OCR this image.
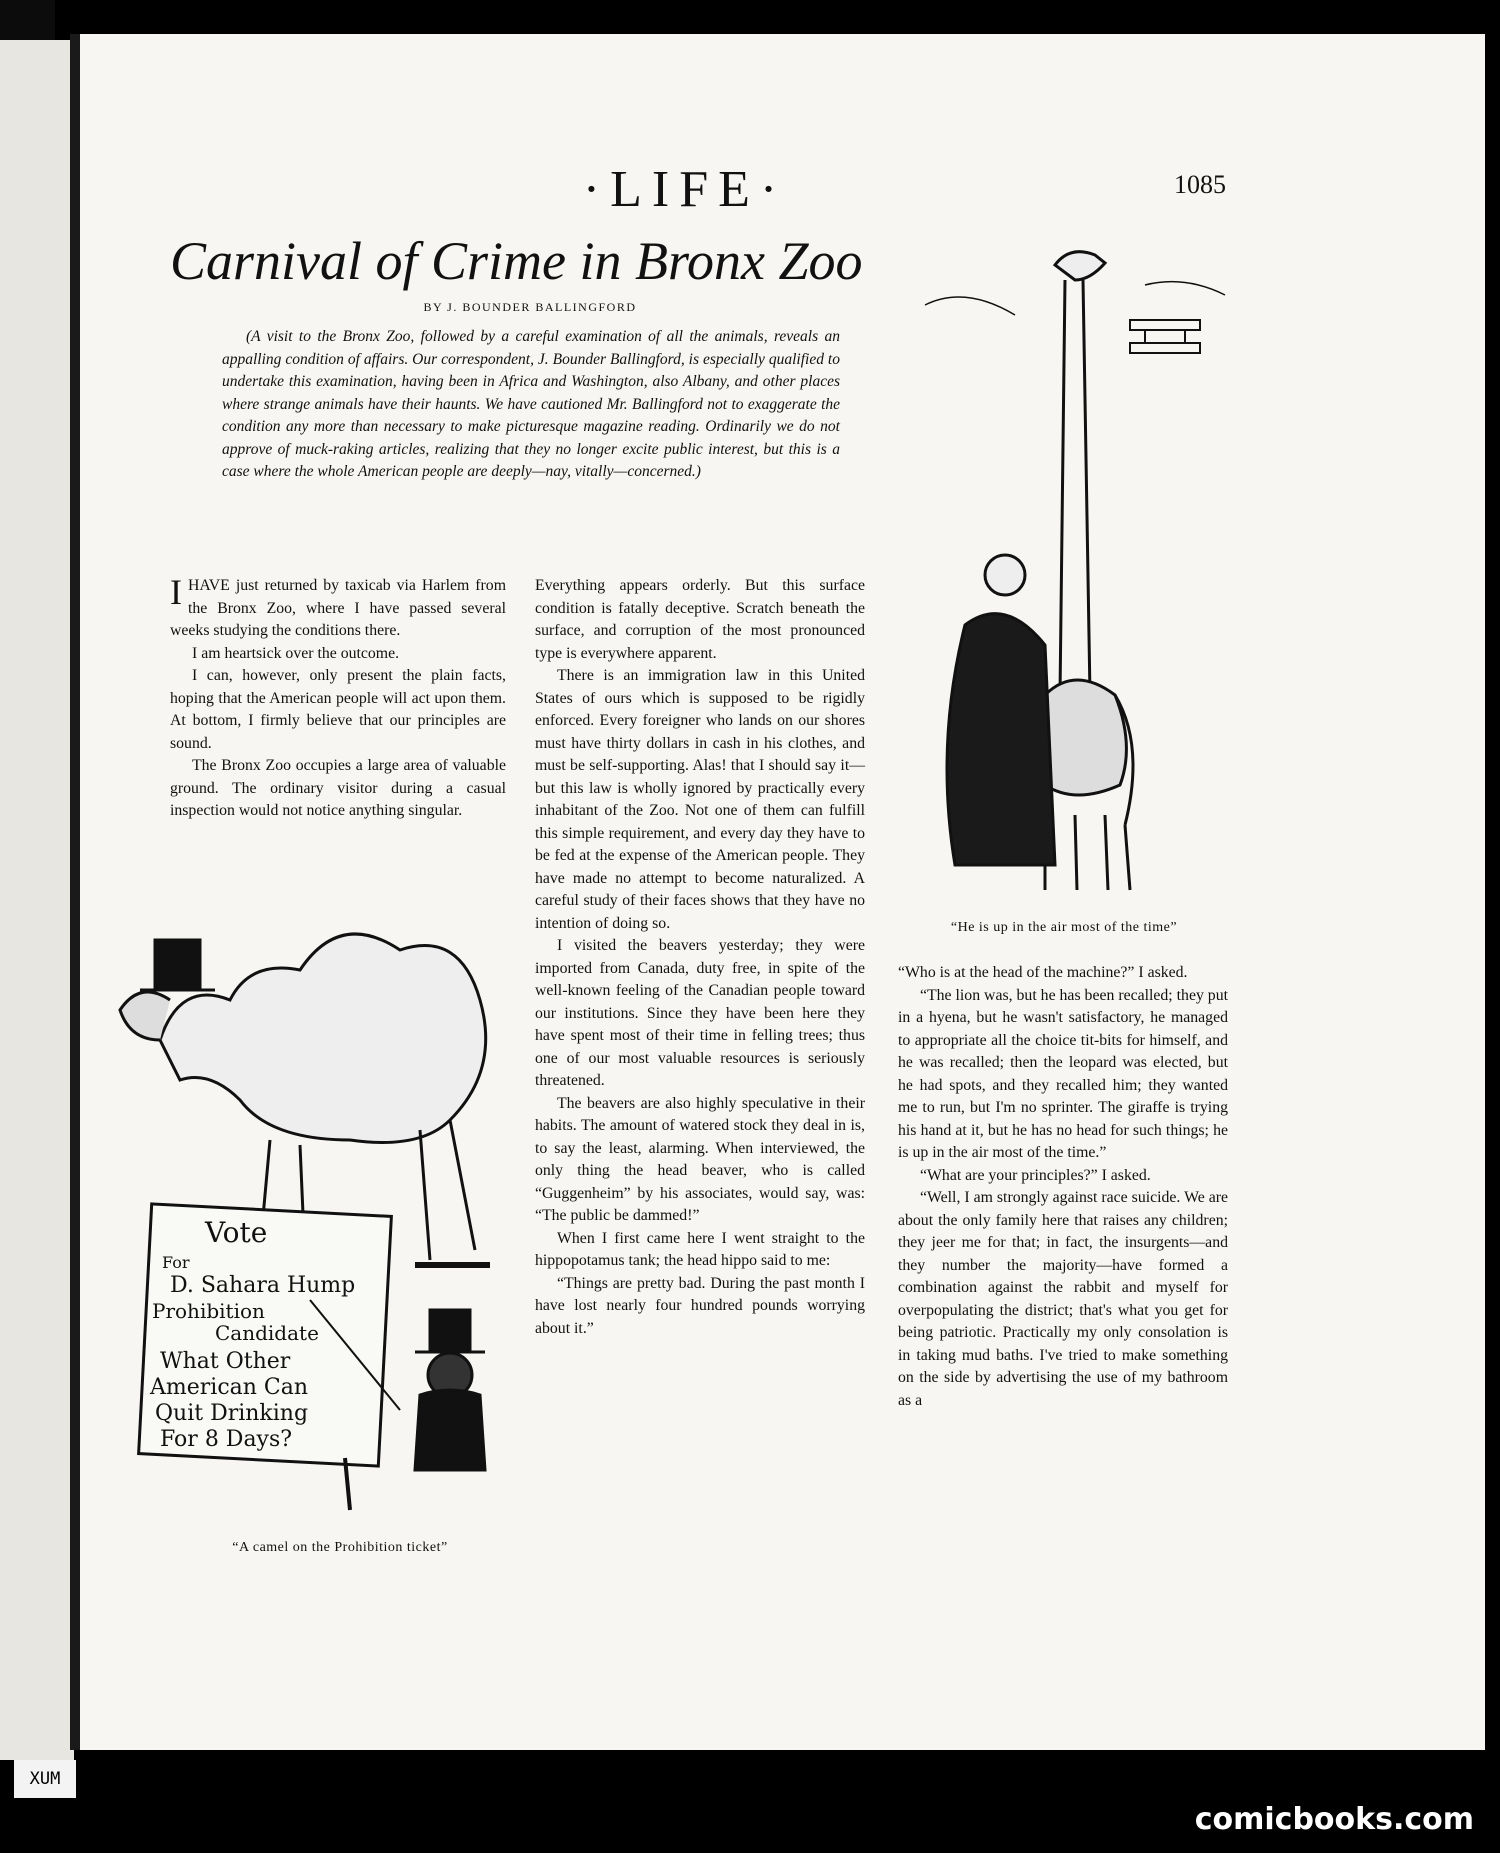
·LIFE·	1085
Carnival of Crime in Bronx Zoo
BY J. BOUNDER BALLINGFORD
(A visit to the Bronx Zoo, followed by a careful examination of all the animals, reveals an appalling condition of affairs. Our correspondent, J. Bounder Ballingford, is especially qualified to undertake this examination, having been in Africa and Washington, also Albany, and other places where strange animals have their haunts. We have cautioned Mr. Ballingford not to exaggerate the condition any more than necessary to make picturesque magazine reading. Ordinarily we do not approve of muck-raking articles, realizing that they no longer excite public interest, but this is a case where the whole American people are deeply—nay, vitally—concerned.)

IHAVE just returned by taxicab via Harlem from the Bronx Zoo, where I have passed several weeks studying the conditions there.

I am heartsick over the outcome.

I can, however, only present the plain facts, hoping that the American people will act upon them. At bottom, I firmly believe that our principles are sound.

The Bronx Zoo occupies a large area of valuable ground. The ordinary visitor during a casual inspection would not notice anything singular.

Everything appears orderly. But this surface condition is fatally deceptive. Scratch beneath the surface, and corruption of the most pronounced type is everywhere apparent.

There is an immigration law in this United States of ours which is supposed to be rigidly enforced. Every foreigner who lands on our shores must have thirty dollars in cash in his clothes, and must be self-supporting. Alas! that I should say it—but this law is wholly ignored by practically every inhabitant of the Zoo. Not one of them can fulfill this simple requirement, and every day they have to be fed at the expense of the American people. They have made no attempt to become naturalized. A careful study of their faces shows that they have no intention of doing so.

I visited the beavers yesterday; they were imported from Canada, duty free, in spite of the well-known feeling of the Canadian people toward our institutions. Since they have been here they have spent most of their time in felling trees; thus one of our most valuable resources is seriously threatened.

The beavers are also highly speculative in their habits. The amount of watered stock they deal in is, to say the least, alarming. When interviewed, the only thing the head beaver, who is called “Guggenheim” by his associates, would say, was: “The public be dammed!”

When I first came here I went straight to the hippopotamus tank; the head hippo said to me:

“Things are pretty bad. During the past month I have lost nearly four hundred pounds worrying about it.”

“Who is at the head of the machine?” I asked.

“The lion was, but he has been recalled; they put in a hyena, but he wasn't satisfactory, he managed to appropriate all the choice tit-bits for himself, and he was recalled; then the leopard was elected, but he had spots, and they recalled him; they wanted me to run, but I'm no sprinter. The giraffe is trying his hand at it, but he has no head for such things; he is up in the air most of the time.”

“What are your principles?” I asked.

“Well, I am strongly against race suicide. We are about the only family here that raises any children; they jeer me for that; in fact, the insurgents—and they number the majority—have formed a combination against the rabbit and myself for overpopulating the district; that's what you get for being patriotic. Practically my only consolation is in taking mud baths. I've tried to make something on the side by advertising the use of my bathroom as a

Vote
For
D. Sahara Hump
Prohibition
Candidate
What Other
American Can
Quit Drinking
For 8 Days?
“A camel on the Prohibition ticket”
“He is up in the air most of the time”
XUM
comicbooks.com
